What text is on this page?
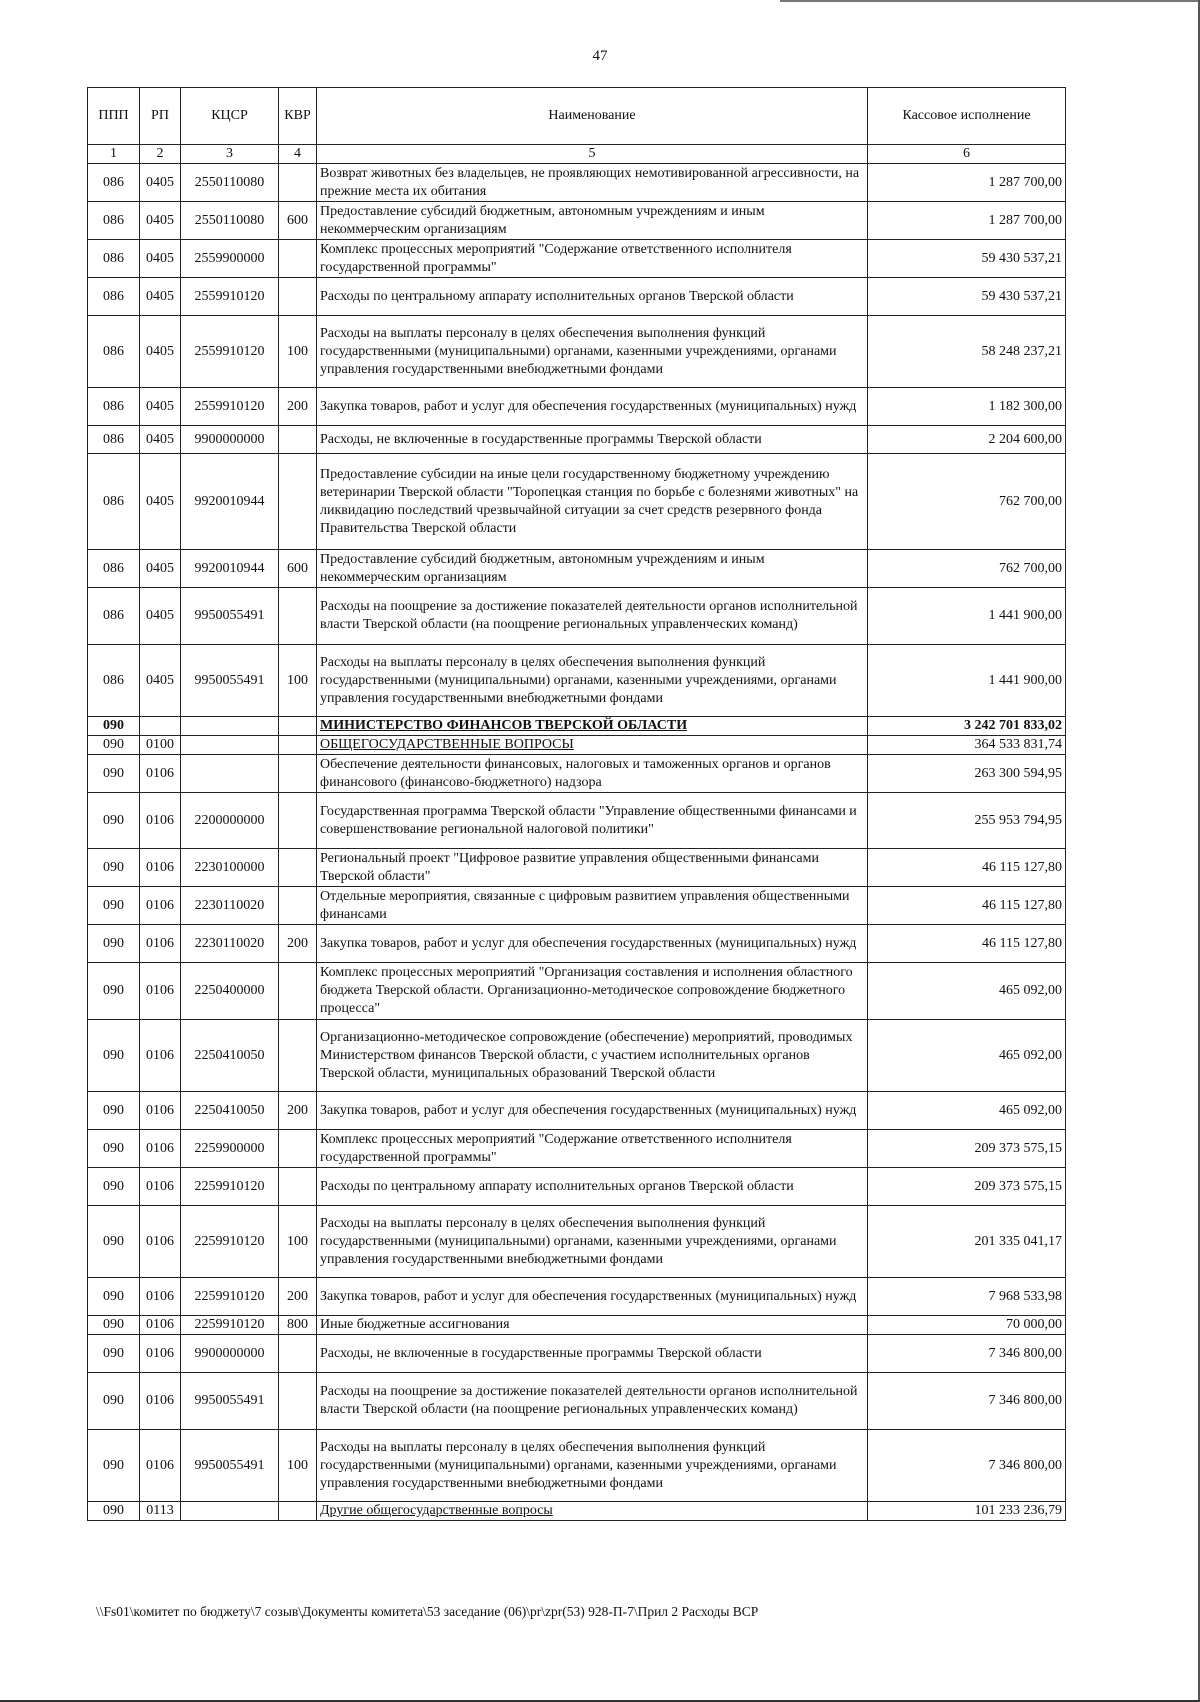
47
ППП	РП	КЦСР	КВР	Наименование	Кассовое исполнение
1	2	3	4	5	6
086	0405	2550110080		Возврат животных без владельцев, не проявляющих немотивированной агрессивности, на прежние места их обитания	1 287 700,00
086	0405	2550110080	600	Предоставление субсидий бюджетным, автономным учреждениям и иным некоммерческим организациям	1 287 700,00
086	0405	2559900000		Комплекс процессных мероприятий "Содержание ответственного исполнителя государственной программы"	59 430 537,21
086	0405	2559910120		Расходы по центральному аппарату исполнительных органов Тверской области	59 430 537,21
086	0405	2559910120	100	Расходы на выплаты персоналу в целях обеспечения выполнения функций государственными (муниципальными) органами, казенными учреждениями, органами управления государственными внебюджетными фондами	58 248 237,21
086	0405	2559910120	200	Закупка товаров, работ и услуг для обеспечения государственных (муниципальных) нужд	1 182 300,00
086	0405	9900000000		Расходы, не включенные в государственные программы Тверской области	2 204 600,00
086	0405	9920010944		Предоставление субсидии на иные цели государственному бюджетному учреждению ветеринарии Тверской области "Торопецкая станция по борьбе с болезнями животных" на ликвидацию последствий чрезвычайной ситуации за счет средств резервного фонда Правительства Тверской области	762 700,00
086	0405	9920010944	600	Предоставление субсидий бюджетным, автономным учреждениям и иным некоммерческим организациям	762 700,00
086	0405	9950055491		Расходы на поощрение за достижение показателей деятельности органов исполнительной власти Тверской области (на поощрение региональных управленческих команд)	1 441 900,00
086	0405	9950055491	100	Расходы на выплаты персоналу в целях обеспечения выполнения функций государственными (муниципальными) органами, казенными учреждениями, органами управления государственными внебюджетными фондами	1 441 900,00
090				МИНИСТЕРСТВО ФИНАНСОВ ТВЕРСКОЙ ОБЛАСТИ	3 242 701 833,02
090	0100			ОБЩЕГОСУДАРСТВЕННЫЕ ВОПРОСЫ	364 533 831,74
090	0106			Обеспечение деятельности финансовых, налоговых и таможенных органов и органов финансового (финансово-бюджетного) надзора	263 300 594,95
090	0106	2200000000		Государственная программа Тверской области "Управление общественными финансами и совершенствование региональной налоговой политики"	255 953 794,95
090	0106	2230100000		Региональный проект "Цифровое развитие управления общественными финансами Тверской области"	46 115 127,80
090	0106	2230110020		Отдельные мероприятия, связанные с цифровым развитием управления общественными финансами	46 115 127,80
090	0106	2230110020	200	Закупка товаров, работ и услуг для обеспечения государственных (муниципальных) нужд	46 115 127,80
090	0106	2250400000		Комплекс процессных мероприятий "Организация составления и исполнения областного бюджета Тверской области. Организационно-методическое сопровождение бюджетного процесса"	465 092,00
090	0106	2250410050		Организационно-методическое сопровождение (обеспечение) мероприятий, проводимых Министерством финансов Тверской области, с участием исполнительных органов Тверской области, муниципальных образований Тверской области	465 092,00
090	0106	2250410050	200	Закупка товаров, работ и услуг для обеспечения государственных (муниципальных) нужд	465 092,00
090	0106	2259900000		Комплекс процессных мероприятий "Содержание ответственного исполнителя государственной программы"	209 373 575,15
090	0106	2259910120		Расходы по центральному аппарату исполнительных органов Тверской области	209 373 575,15
090	0106	2259910120	100	Расходы на выплаты персоналу в целях обеспечения выполнения функций государственными (муниципальными) органами, казенными учреждениями, органами управления государственными внебюджетными фондами	201 335 041,17
090	0106	2259910120	200	Закупка товаров, работ и услуг для обеспечения государственных (муниципальных) нужд	7 968 533,98
090	0106	2259910120	800	Иные бюджетные ассигнования	70 000,00
090	0106	9900000000		Расходы, не включенные в государственные программы Тверской области	7 346 800,00
090	0106	9950055491		Расходы на поощрение за достижение показателей деятельности органов исполнительной власти Тверской области (на поощрение региональных управленческих команд)	7 346 800,00
090	0106	9950055491	100	Расходы на выплаты персоналу в целях обеспечения выполнения функций государственными (муниципальными) органами, казенными учреждениями, органами управления государственными внебюджетными фондами	7 346 800,00
090	0113			Другие общегосударственные вопросы	101 233 236,79
\\Fs01\комитет по бюджету\7 созыв\Документы комитета\53 заседание (06)\pr\zpr(53) 928-П-7\Прил 2 Расходы ВСР
